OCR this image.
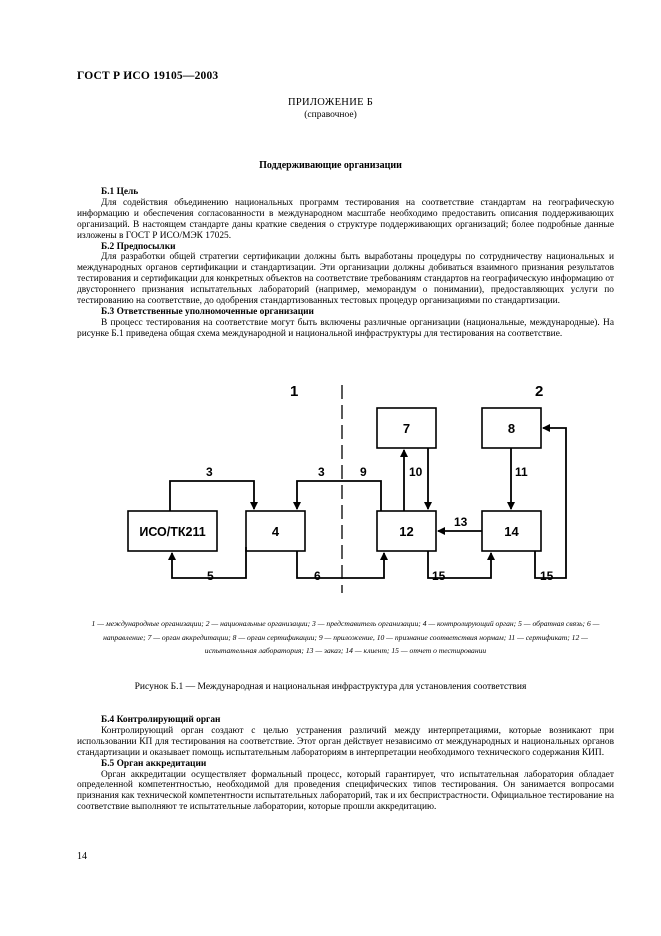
ГОСТ Р ИСО 19105—2003
ПРИЛОЖЕНИЕ Б
(справочное)
Поддерживающие организации

Б.1 Цель

Для содействия объединению национальных программ тестирования на соответствие стандартам на географическую информацию и обеспечения согласованности в международном масштабе необходимо предоставить описания поддерживающих организаций. В настоящем стандарте даны краткие сведения о структуре поддерживающих организаций; более подробные данные изложены в ГОСТ Р ИСО/МЭК 17025.

Б.2 Предпосылки

Для разработки общей стратегии сертификации должны быть выработаны процедуры по сотрудничеству национальных и международных органов сертификации и стандартизации. Эти организации должны добиваться взаимного признания результатов тестирования и сертификации для конкретных объектов на соответствие требованиям стандартов на географическую информацию от двустороннего признания испытательных лабораторий (например, меморандум о понимании), предоставляющих услуги по тестированию на соответствие, до одобрения стандартизованных тестовых процедур организациями по стандартизации.

Б.3 Ответственные уполномоченные организации

В процесс тестирования на соответствие могут быть включены различные организации (национальные, международные). На рисунке Б.1 приведена общая схема международной и национальной инфраструктуры для тестирования на соответствие.

1	2
ИСО/ТК211	4
7	8
12	14
3	3	9	10	11
13
5	6	15	15
1 — международные организации; 2 — национальные организации; 3 — представитель организации; 4 — контролирующий орган; 5 — обратная связь; 6 — направление; 7 — орган аккредитации; 8 — орган сертификации; 9 — приложение, 10 — признание соответствия нормам; 11 — сертификат; 12 — испытательная лаборатория; 13 — заказ; 14 — клиент; 15 — отчет о тестировании
Рисунок Б.1 — Международная и национальная инфраструктура для установления соответствия

Б.4 Контролирующий орган

Контролирующий орган создают с целью устранения различий между интерпретациями, которые возникают при использовании КП для тестирования на соответствие. Этот орган действует независимо от международных и национальных органов стандартизации и оказывает помощь испытательным лабораториям в интерпретации необходимого технического содержания КИП.

Б.5 Орган аккредитации

Орган аккредитации осуществляет формальный процесс, который гарантирует, что испытательная лаборатория обладает определенной компетентностью, необходимой для проведения специфических типов тестирования. Он занимается вопросами признания как технической компетентности испытательных лабораторий, так и их беспристрастности. Официальное тестирование на соответствие выполняют те испытательные лаборатории, которые прошли аккредитацию.

14
